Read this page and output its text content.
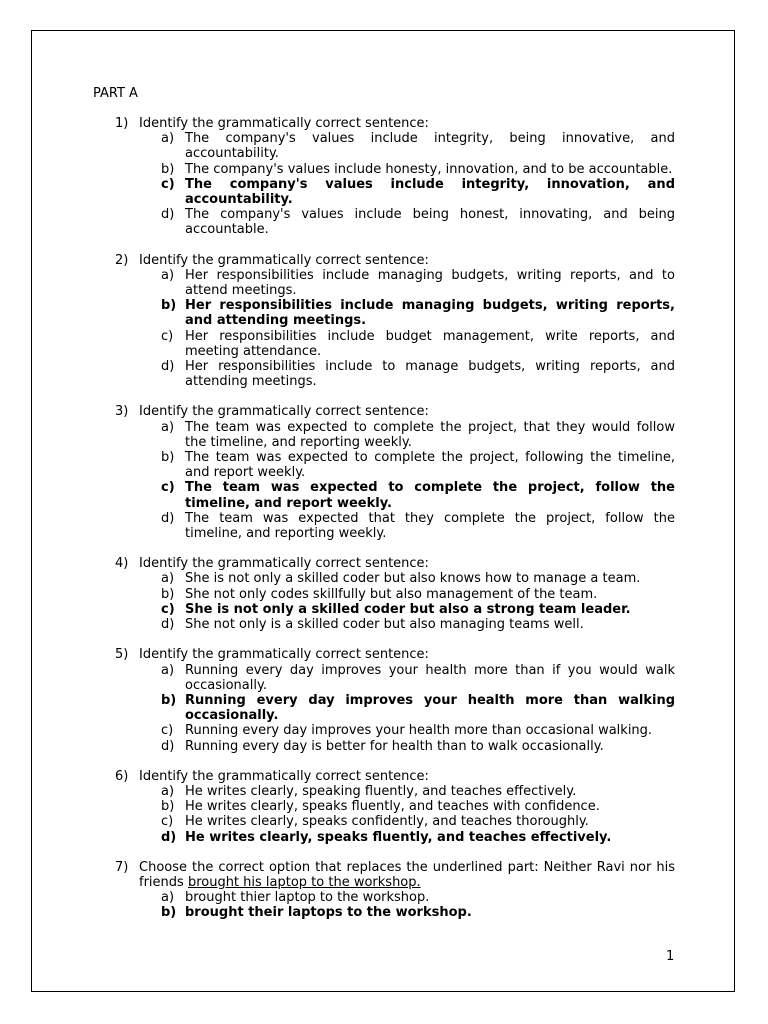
PART A
1) Identify the grammatically correct sentence:
a) The company's values include integrity, being innovative, and accountability.
b) The company's values include honesty, innovation, and to be accountable.
c) The company's values include integrity, innovation, and accountability.
d) The company's values include being honest, innovating, and being accountable.
2) Identify the grammatically correct sentence:
a) Her responsibilities include managing budgets, writing reports, and to attend meetings.
b) Her responsibilities include managing budgets, writing reports, and attending meetings.
c) Her responsibilities include budget management, write reports, and meeting attendance.
d) Her responsibilities include to manage budgets, writing reports, and attending meetings.
3) Identify the grammatically correct sentence:
a) The team was expected to complete the project, that they would follow the timeline, and reporting weekly.
b) The team was expected to complete the project, following the timeline, and report weekly.
c) The team was expected to complete the project, follow the timeline, and report weekly.
d) The team was expected that they complete the project, follow the timeline, and reporting weekly.
4) Identify the grammatically correct sentence:
a) She is not only a skilled coder but also knows how to manage a team.
b) She not only codes skillfully but also management of the team.
c) She is not only a skilled coder but also a strong team leader.
d) She not only is a skilled coder but also managing teams well.
5) Identify the grammatically correct sentence:
a) Running every day improves your health more than if you would walk occasionally.
b) Running every day improves your health more than walking occasionally.
c) Running every day improves your health more than occasional walking.
d) Running every day is better for health than to walk occasionally.
6) Identify the grammatically correct sentence:
a) He writes clearly, speaking fluently, and teaches effectively.
b) He writes clearly, speaks fluently, and teaches with confidence.
c) He writes clearly, speaks confidently, and teaches thoroughly.
d) He writes clearly, speaks fluently, and teaches effectively.
7) Choose the correct option that replaces the underlined part: Neither Ravi nor his friends brought his laptop to the workshop.
a) brought thier laptop to the workshop.
b) brought their laptops to the workshop.
1
